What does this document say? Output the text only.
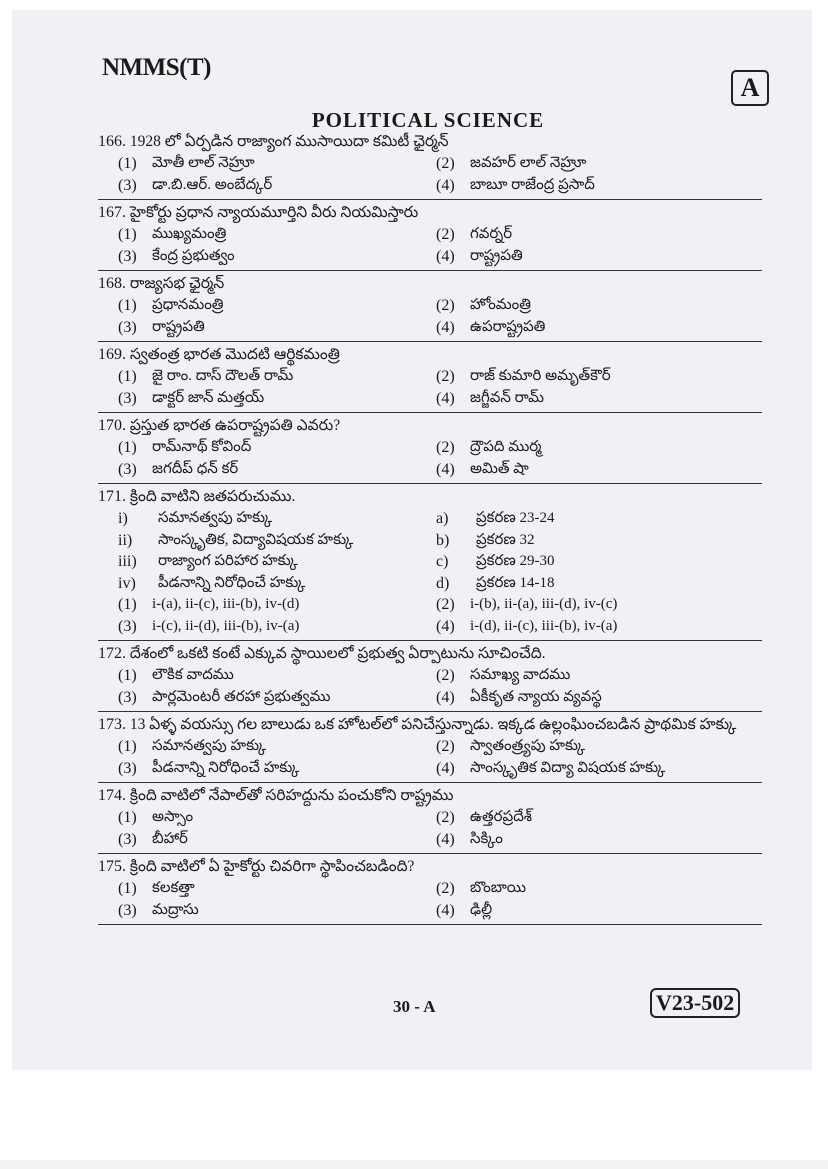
NMMS(T)
A
POLITICAL SCIENCE
166. 1928 లో ఏర్పడిన రాజ్యాంగ ముసాయిదా కమిటీ ఛైర్మన్
(1)	మోతీ లాల్ నెహ్రూ	(2)	జవహర్ లాల్ నెహ్రూ
(3)	డా.బి.ఆర్. అంబేద్కర్	(4)	బాబూ రాజేంద్ర ప్రసాద్
167. హైకోర్టు ప్రధాన న్యాయమూర్తిని వీరు నియమిస్తారు
(1)	ముఖ్యమంత్రి	(2)	గవర్నర్
(3)	కేంద్ర ప్రభుత్వం	(4)	రాష్ట్రపతి
168. రాజ్యసభ ఛైర్మన్
(1)	ప్రధానమంత్రి	(2)	హోంమంత్రి
(3)	రాష్ట్రపతి	(4)	ఉపరాష్ట్రపతి
169. స్వతంత్ర భారత మొదటి ఆర్థికమంత్రి
(1)	జై రాం. దాస్ దౌలత్ రామ్	(2)	రాజ్ కుమారి అమృత్‌కౌర్
(3)	డాక్టర్ జాన్ మత్తయ్	(4)	జగ్జీవన్ రామ్
170. ప్రస్తుత భారత ఉపరాష్ట్రపతి ఎవరు?
(1)	రామ్‌నాథ్ కోవింద్	(2)	ద్రౌపది ముర్మ
(3)	జగదీప్ ధన్ కర్	(4)	అమిత్ షా
171. క్రింది వాటిని జతపరుచుము.
i)	సమానత్వపు హక్కు	a)	ప్రకరణ 23-24
ii)	సాంస్కృతిక, విద్యావిషయక హక్కు	b)	ప్రకరణ 32
iii)	రాజ్యాంగ పరిహార హక్కు	c)	ప్రకరణ 29-30
iv)	పీడనాన్ని నిరోధించే హక్కు	d)	ప్రకరణ 14-18
(1)	i-(a), ii-(c), iii-(b), iv-(d)	(2)	i-(b), ii-(a), iii-(d), iv-(c)
(3)	i-(c), ii-(d), iii-(b), iv-(a)	(4)	i-(d), ii-(c), iii-(b), iv-(a)
172. దేశంలో ఒకటి కంటే ఎక్కువ స్థాయిలలో ప్రభుత్వ ఏర్పాటును సూచించేది.
(1)	లౌకిక వాదము	(2)	సమాఖ్య వాదము
(3)	పార్లమెంటరీ తరహా ప్రభుత్వము	(4)	ఏకీకృత న్యాయ వ్యవస్థ
173. 13 ఏళ్ళ వయస్సు గల బాలుడు ఒక హోటల్‌లో పనిచేస్తున్నాడు. ఇక్కడ ఉల్లంఘించబడిన ప్రాథమిక హక్కు
(1)	సమానత్వపు హక్కు	(2)	స్వాతంత్ర్యపు హక్కు
(3)	పీడనాన్ని నిరోధించే హక్కు	(4)	సాంస్కృతిక విద్యా విషయక హక్కు
174. క్రింది వాటిలో నేపాల్‌తో సరిహద్దును పంచుకోని రాష్ట్రము
(1)	అస్సాం	(2)	ఉత్తరప్రదేశ్
(3)	బీహార్	(4)	సిక్కిం
175. క్రింది వాటిలో ఏ హైకోర్టు చివరిగా స్థాపించబడింది?
(1)	కలకత్తా	(2)	బొంబాయి
(3)	మద్రాసు	(4)	ఢిల్లీ
30 - A	V23-502
